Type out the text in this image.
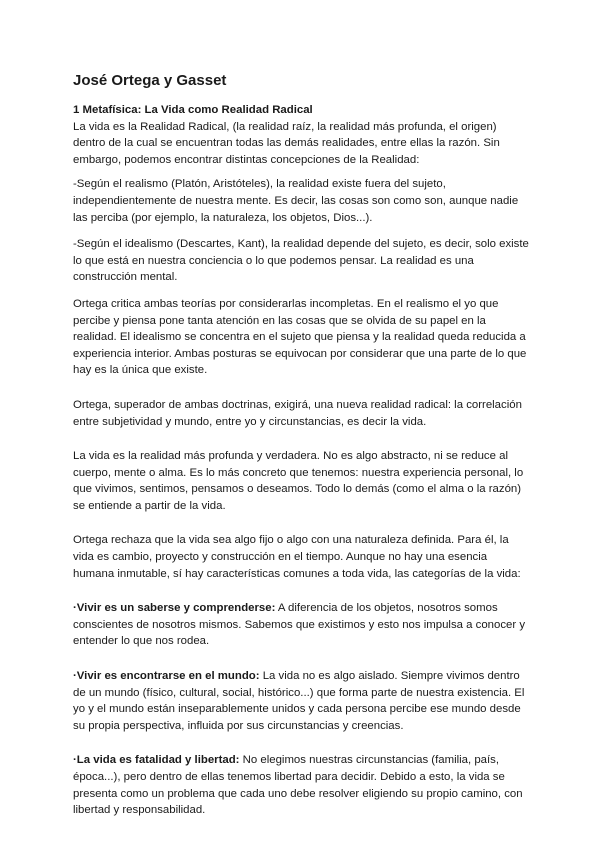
José Ortega y Gasset

1 Metafísica: La Vida como Realidad Radical
La vida es la Realidad Radical, (la realidad raíz, la realidad más profunda, el origen) dentro de la cual se encuentran todas las demás realidades, entre ellas la razón. Sin embargo, podemos encontrar distintas concepciones de la Realidad:

-Según el realismo (Platón, Aristóteles), la realidad existe fuera del sujeto, independientemente de nuestra mente. Es decir, las cosas son como son, aunque nadie las perciba (por ejemplo, la naturaleza, los objetos, Dios...).

-Según el idealismo (Descartes, Kant), la realidad depende del sujeto, es decir, solo existe lo que está en nuestra conciencia o lo que podemos pensar. La realidad es una construcción mental.

Ortega critica ambas teorías por considerarlas incompletas. En el realismo el yo que percibe y piensa pone tanta atención en las cosas que se olvida de su papel en la realidad. El idealismo se concentra en el sujeto que piensa y la realidad queda reducida a experiencia interior. Ambas posturas se equivocan por considerar que una parte de lo que hay es la única que existe.

Ortega, superador de ambas doctrinas, exigirá, una nueva realidad radical: la correlación entre subjetividad y mundo, entre yo y circunstancias, es decir la vida.

La vida es la realidad más profunda y verdadera. No es algo abstracto, ni se reduce al cuerpo, mente o alma. Es lo más concreto que tenemos: nuestra experiencia personal, lo que vivimos, sentimos, pensamos o deseamos. Todo lo demás (como el alma o la razón) se entiende a partir de la vida.

Ortega rechaza que la vida sea algo fijo o algo con una naturaleza definida. Para él, la vida es cambio, proyecto y construcción en el tiempo. Aunque no hay una esencia humana inmutable, sí hay características comunes a toda vida, las categorías de la vida:

·Vivir es un saberse y comprenderse: A diferencia de los objetos, nosotros somos conscientes de nosotros mismos. Sabemos que existimos y esto nos impulsa a conocer y entender lo que nos rodea.

·Vivir es encontrarse en el mundo: La vida no es algo aislado. Siempre vivimos dentro de un mundo (físico, cultural, social, histórico...) que forma parte de nuestra existencia. El yo y el mundo están inseparablemente unidos y cada persona percibe ese mundo desde su propia perspectiva, influida por sus circunstancias y creencias.

·La vida es fatalidad y libertad: No elegimos nuestras circunstancias (familia, país, época...), pero dentro de ellas tenemos libertad para decidir. Debido a esto, la vida se presenta como un problema que cada uno debe resolver eligiendo su propio camino, con libertad y responsabilidad.
